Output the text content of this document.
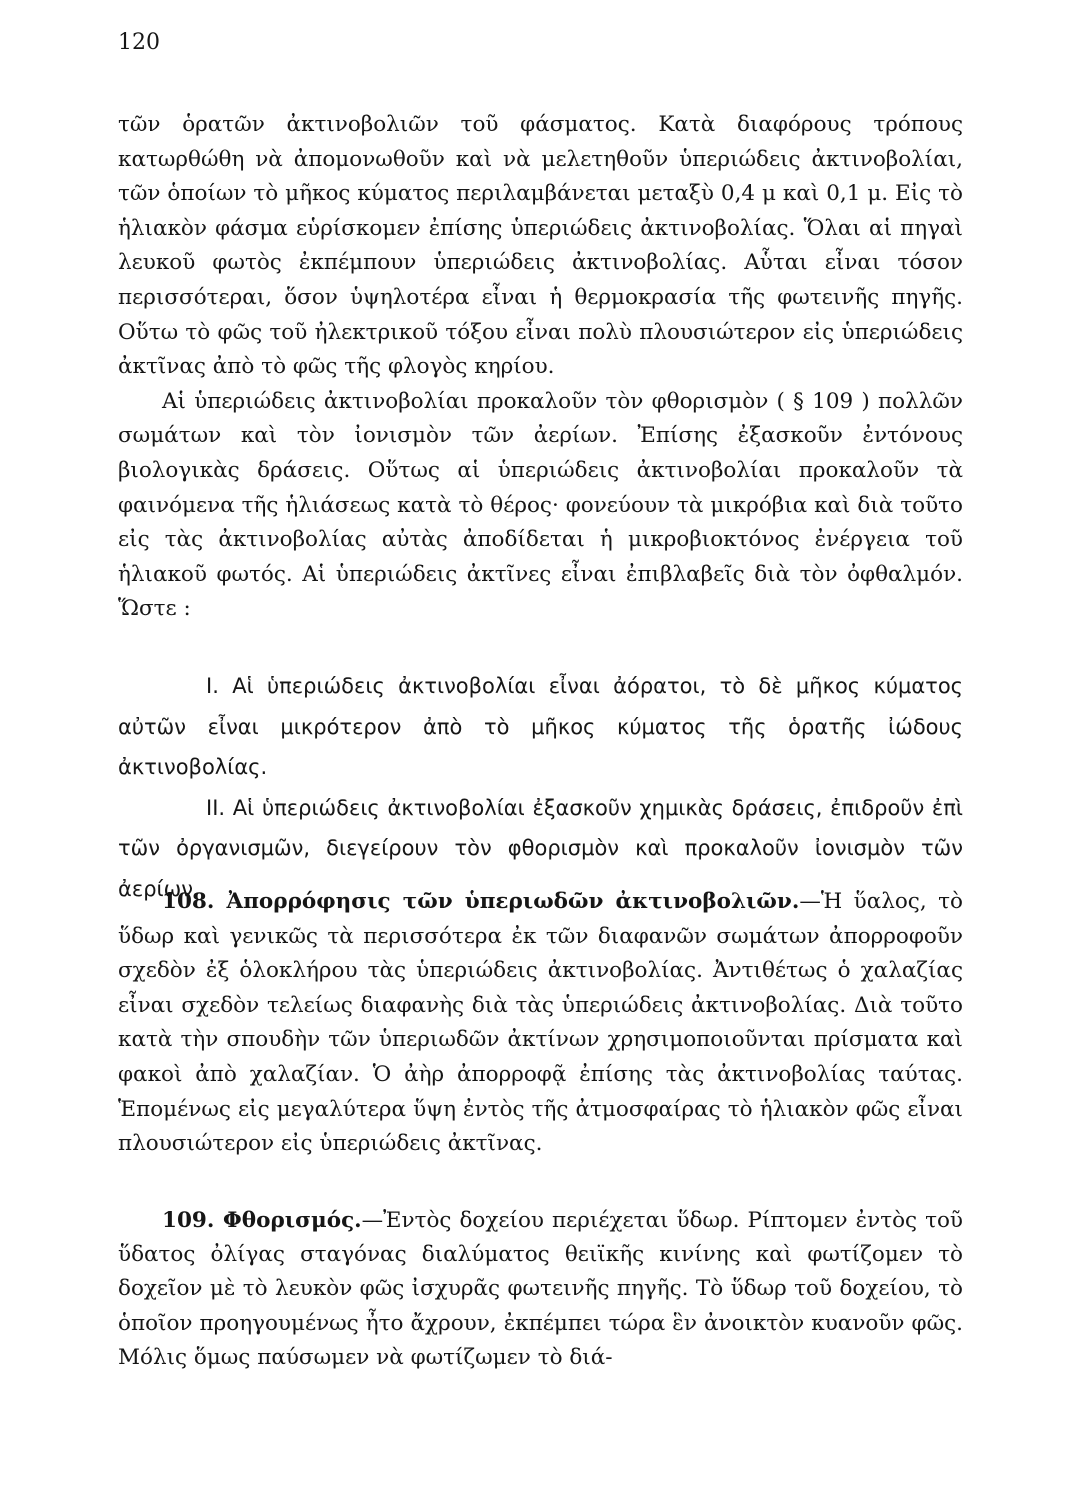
120

τῶν ὁρατῶν ἀκτινοβολιῶν τοῦ φάσματος. Κατὰ διαφόρους τρόπους κατωρθώθη νὰ ἀπομονωθοῦν καὶ νὰ μελετηθοῦν ὑπεριώδεις ἀκτινοβολίαι, τῶν ὁποίων τὸ μῆκος κύματος περιλαμβάνεται μεταξὺ 0,4 μ καὶ 0,1 μ. Εἰς τὸ ἡλιακὸν φάσμα εὑρίσκομεν ἐπίσης ὑπεριώδεις ἀκτινοβολίας. Ὅλαι αἱ πηγαὶ λευκοῦ φωτὸς ἐκπέμπουν ὑπεριώδεις ἀκτινοβολίας. Αὗται εἶναι τόσον περισσότεραι, ὅσον ὑψηλοτέρα εἶναι ἡ θερμοκρασία τῆς φωτεινῆς πηγῆς. Οὕτω τὸ φῶς τοῦ ἠλεκτρικοῦ τόξου εἶναι πολὺ πλουσιώτερον εἰς ὑπεριώδεις ἀκτῖνας ἀπὸ τὸ φῶς τῆς φλογὸς κηρίου.

Αἱ ὑπεριώδεις ἀκτινοβολίαι προκαλοῦν τὸν φθορισμὸν ( § 109 ) πολλῶν σωμάτων καὶ τὸν ἰονισμὸν τῶν ἀερίων. Ἐπίσης ἐξασκοῦν ἐντόνους βιολογικὰς δράσεις. Οὕτως αἱ ὑπεριώδεις ἀκτινοβολίαι προκαλοῦν τὰ φαινόμενα τῆς ἡλιάσεως κατὰ τὸ θέρος· φονεύουν τὰ μικρόβια καὶ διὰ τοῦτο εἰς τὰς ἀκτινοβολίας αὐτὰς ἀποδίδεται ἡ μικροβιοκτόνος ἐνέργεια τοῦ ἡλιακοῦ φωτός. Αἱ ὑπεριώδεις ἀκτῖνες εἶναι ἐπιβλαβεῖς διὰ τὸν ὀφθαλμόν. Ὥστε :

I. Αἱ ὑπεριώδεις ἀκτινοβολίαι εἶναι ἀόρατοι, τὸ δὲ μῆκος κύματος αὐτῶν εἶναι μικρότερον ἀπὸ τὸ μῆκος κύματος τῆς ὁρατῆς ἰώδους ἀκτινοβολίας.

II. Αἱ ὑπεριώδεις ἀκτινοβολίαι ἐξασκοῦν χημικὰς δράσεις, ἐπιδροῦν ἐπὶ τῶν ὀργανισμῶν, διεγείρουν τὸν φθορισμὸν καὶ προκαλοῦν ἰονισμὸν τῶν ἀερίων.

108. Ἀπορρόφησις τῶν ὑπεριωδῶν ἀκτινοβολιῶν.—Ἡ ὕαλος, τὸ ὕδωρ καὶ γενικῶς τὰ περισσότερα ἐκ τῶν διαφανῶν σωμάτων ἀπορροφοῦν σχεδὸν ἐξ ὁλοκλήρου τὰς ὑπεριώδεις ἀκτινοβολίας. Ἀντιθέτως ὁ χαλαζίας εἶναι σχεδὸν τελείως διαφανὴς διὰ τὰς ὑπεριώδεις ἀκτινοβολίας. Διὰ τοῦτο κατὰ τὴν σπουδὴν τῶν ὑπεριωδῶν ἀκτίνων χρησιμοποιοῦνται πρίσματα καὶ φακοὶ ἀπὸ χαλαζίαν. Ὁ ἀὴρ ἀπορροφᾷ ἐπίσης τὰς ἀκτινοβολίας ταύτας. Ἑπομένως εἰς μεγαλύτερα ὕψη ἐντὸς τῆς ἀτμοσφαίρας τὸ ἡλιακὸν φῶς εἶναι πλουσιώτερον εἰς ὑπεριώδεις ἀκτῖνας.

109. Φθορισμός.—Ἐντὸς δοχείου περιέχεται ὕδωρ. Ρίπτομεν ἐντὸς τοῦ ὕδατος ὀλίγας σταγόνας διαλύματος θειϊκῆς κινίνης καὶ φωτίζομεν τὸ δοχεῖον μὲ τὸ λευκὸν φῶς ἰσχυρᾶς φωτεινῆς πηγῆς. Τὸ ὕδωρ τοῦ δοχείου, τὸ ὁποῖον προηγουμένως ἦτο ἄχρουν, ἐκπέμπει τώρα ἓν ἀνοικτὸν κυανοῦν φῶς. Μόλις ὅμως παύσωμεν νὰ φωτίζωμεν τὸ διά-
